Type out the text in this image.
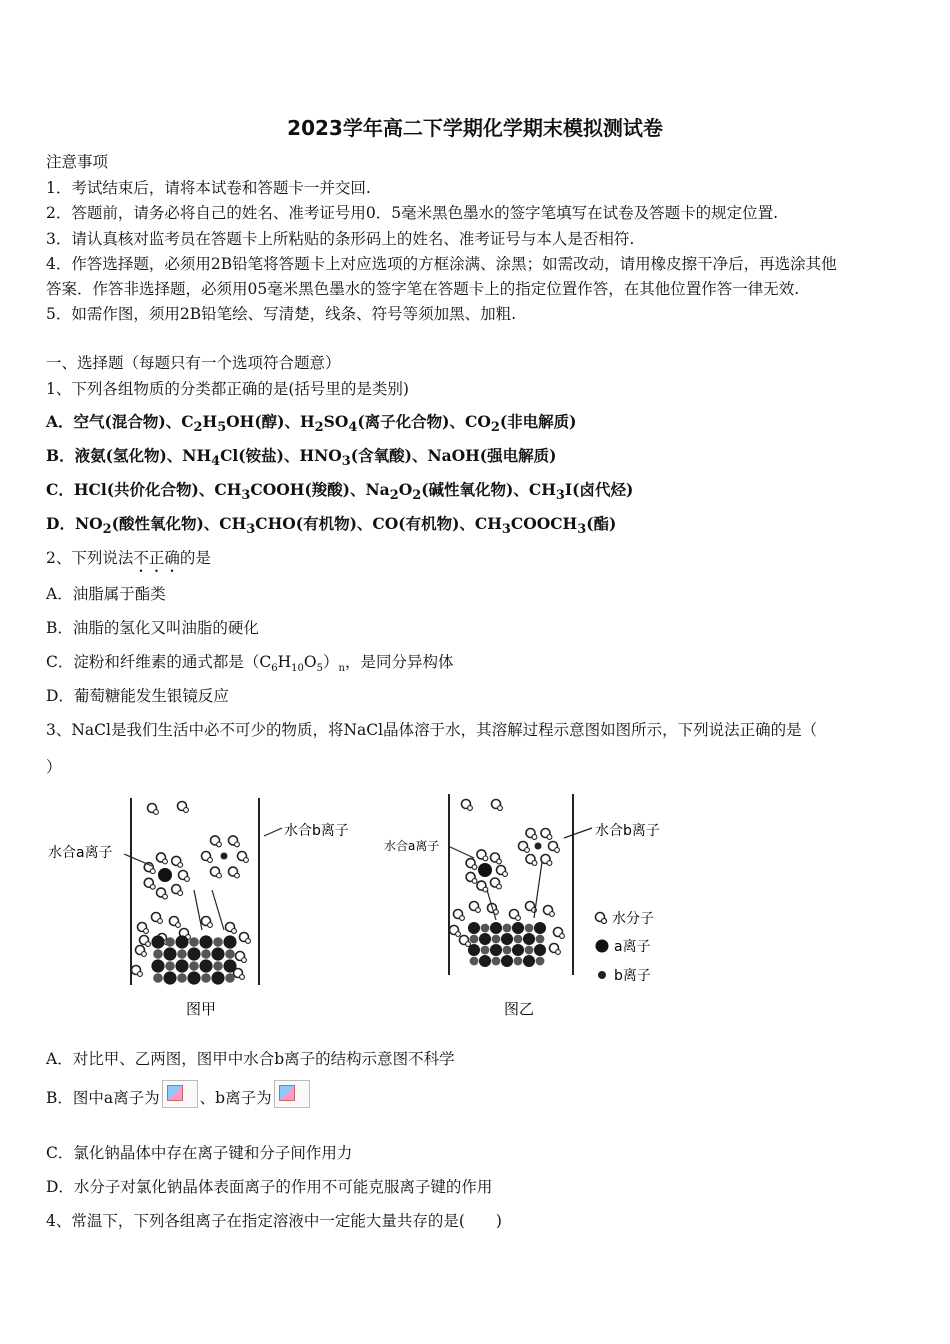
2023学年高二下学期化学期末模拟测试卷
注意事项
1．考试结束后，请将本试卷和答题卡一并交回.
2．答题前，请务必将自己的姓名、准考证号用0．5毫米黑色墨水的签字笔填写在试卷及答题卡的规定位置.
3．请认真核对监考员在答题卡上所粘贴的条形码上的姓名、准考证号与本人是否相符.
4．作答选择题，必须用2B铅笔将答题卡上对应选项的方框涂满、涂黑；如需改动，请用橡皮擦干净后，再选涂其他
答案．作答非选择题，必须用05毫米黑色墨水的签字笔在答题卡上的指定位置作答，在其他位置作答一律无效.
5．如需作图，须用2B铅笔绘、写清楚，线条、符号等须加黑、加粗.
一、选择题（每题只有一个选项符合题意）
1、下列各组物质的分类都正确的是(括号里的是类别)
A．空气(混合物)、$C_2H_5OH$(醇)、$H_2SO_4$(离子化合物)、$CO_2$(非电解质)
B．液氨(氢化物)、$NH_4Cl$(铵盐)、$HNO_3$(含氧酸)、NaOH(强电解质)
C．HCl(共价化合物)、$CH_3COOH$(羧酸)、$Na_2O_2$(碱性氧化物)、$CH_3I$(卤代烃)
D．$NO_2$(酸性氧化物)、$CH_3CHO$(有机物)、CO(有机物)、$CH_3COOCH_3$(酯)
2、下列说法不正确的是
A．油脂属于酯类
B．油脂的氢化又叫油脂的硬化
C．淀粉和纤维素的通式都是$(C_6H_{10}O_5)_n$，是同分异构体
D．葡萄糖能发生银镜反应
3、NaCl是我们生活中必不可少的物质，将NaCl晶体溶于水，其溶解过程示意图如图所示，下列说法正确的是（
）
水合a离子
水合b离子
水合a离子
水合b离子
水分子
a离子
b离子
图甲	图乙
A．对比甲、乙两图，图甲中水合b离子的结构示意图不科学
B．图中a离子为	、b离子为
C．氯化钠晶体中存在离子键和分子间作用力
D．水分子对氯化钠晶体表面离子的作用不可能克服离子键的作用
4、常温下，下列各组离子在指定溶液中一定能大量共存的是(　　)
